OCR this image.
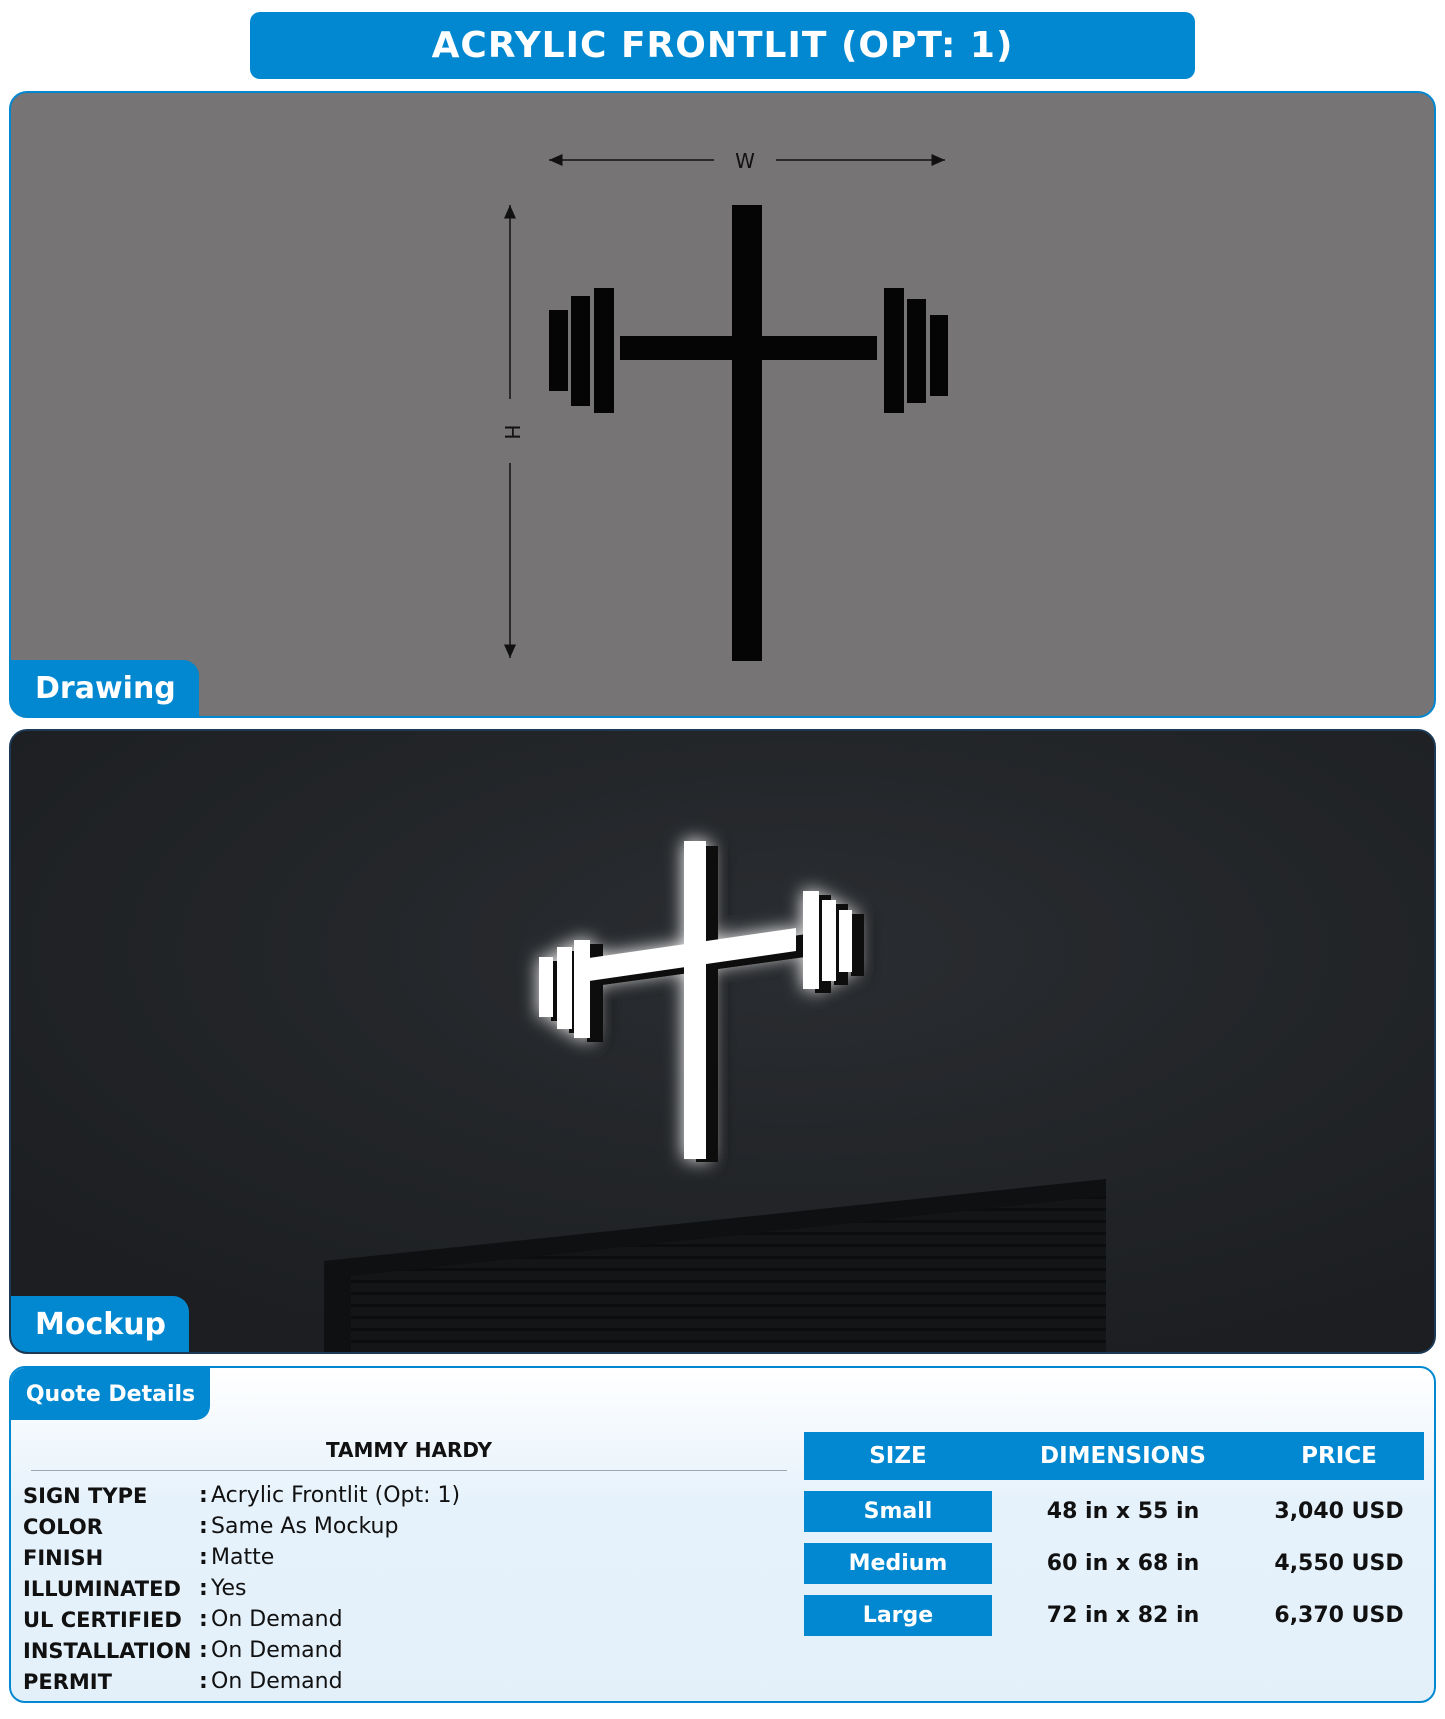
ACRYLIC FRONTLIT (OPT: 1)
W
H
Drawing
Mockup
Quote Details
TAMMY HARDY
SIGN TYPE	: Acrylic Frontlit (Opt: 1)
COLOR	: Same As Mockup
FINISH	: Matte
ILLUMINATED : Yes
UL CERTIFIED : On Demand
INSTALLATION : On Demand
PERMIT	: On Demand
SIZE	DIMENSIONS	PRICE
Small	48 in x 55 in	3,040 USD
Medium	60 in x 68 in	4,550 USD
Large	72 in x 82 in	6,370 USD
